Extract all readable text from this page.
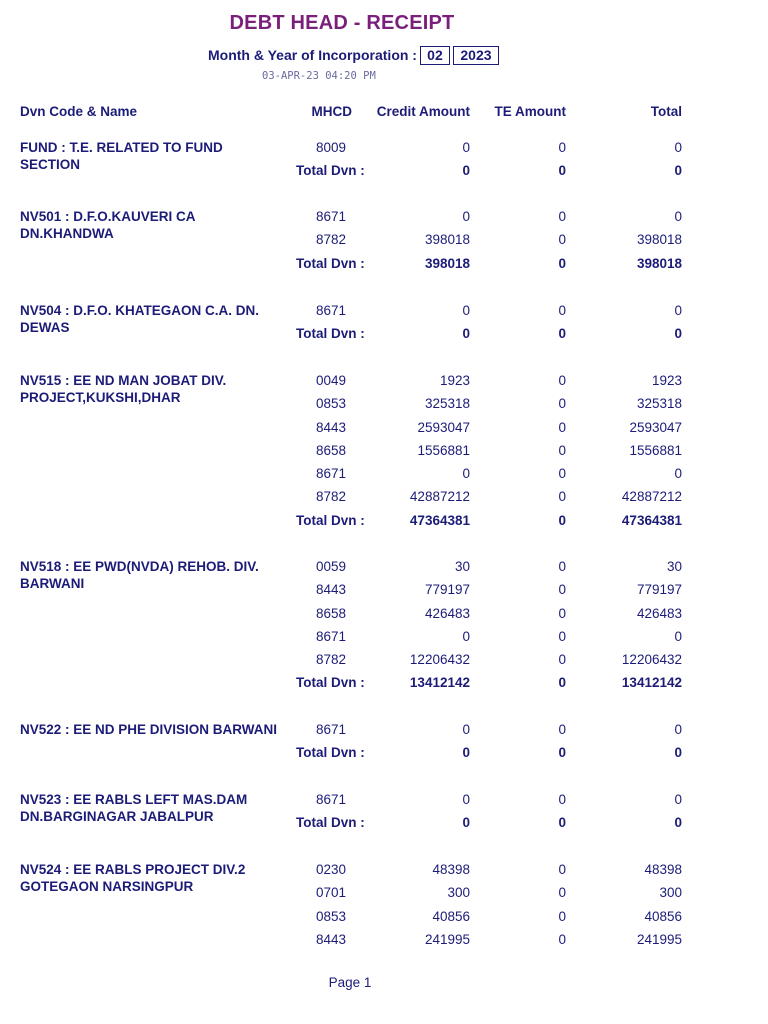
DEBT HEAD - RECEIPT
Month & Year of Incorporation : 02	2023
03-APR-23 04:20 PM
Dvn Code & Name	MHCD	Credit Amount	TE Amount	Total
FUND : T.E. RELATED TO FUND SECTION
8009	0	0	0
Total Dvn :	0	0	0
NV501 : D.F.O.KAUVERI CA DN.KHANDWA
8671	0	0	0
8782	398018	0	398018
Total Dvn :	398018	0	398018
NV504 : D.F.O. KHATEGAON C.A. DN. DEWAS
8671	0	0	0
Total Dvn :	0	0	0
NV515 : EE ND MAN JOBAT DIV. PROJECT,KUKSHI,DHAR
0049	1923	0	1923
0853	325318	0	325318
8443	2593047	0	2593047
8658	1556881	0	1556881
8671	0	0	0
8782	42887212	0	42887212
Total Dvn :	47364381	0	47364381
NV518 : EE PWD(NVDA) REHOB. DIV. BARWANI
0059	30	0	30
8443	779197	0	779197
8658	426483	0	426483
8671	0	0	0
8782	12206432	0	12206432
Total Dvn :	13412142	0	13412142
NV522 : EE ND PHE DIVISION BARWANI	8671	0	0	0
Total Dvn :	0	0	0
NV523 : EE RABLS LEFT MAS.DAM DN.BARGINAGAR JABALPUR
8671	0	0	0
Total Dvn :	0	0	0
NV524 : EE RABLS PROJECT DIV.2 GOTEGAON NARSINGPUR
0230	48398	0	48398
0701	300	0	300
0853	40856	0	40856
8443	241995	0	241995
Page 1
